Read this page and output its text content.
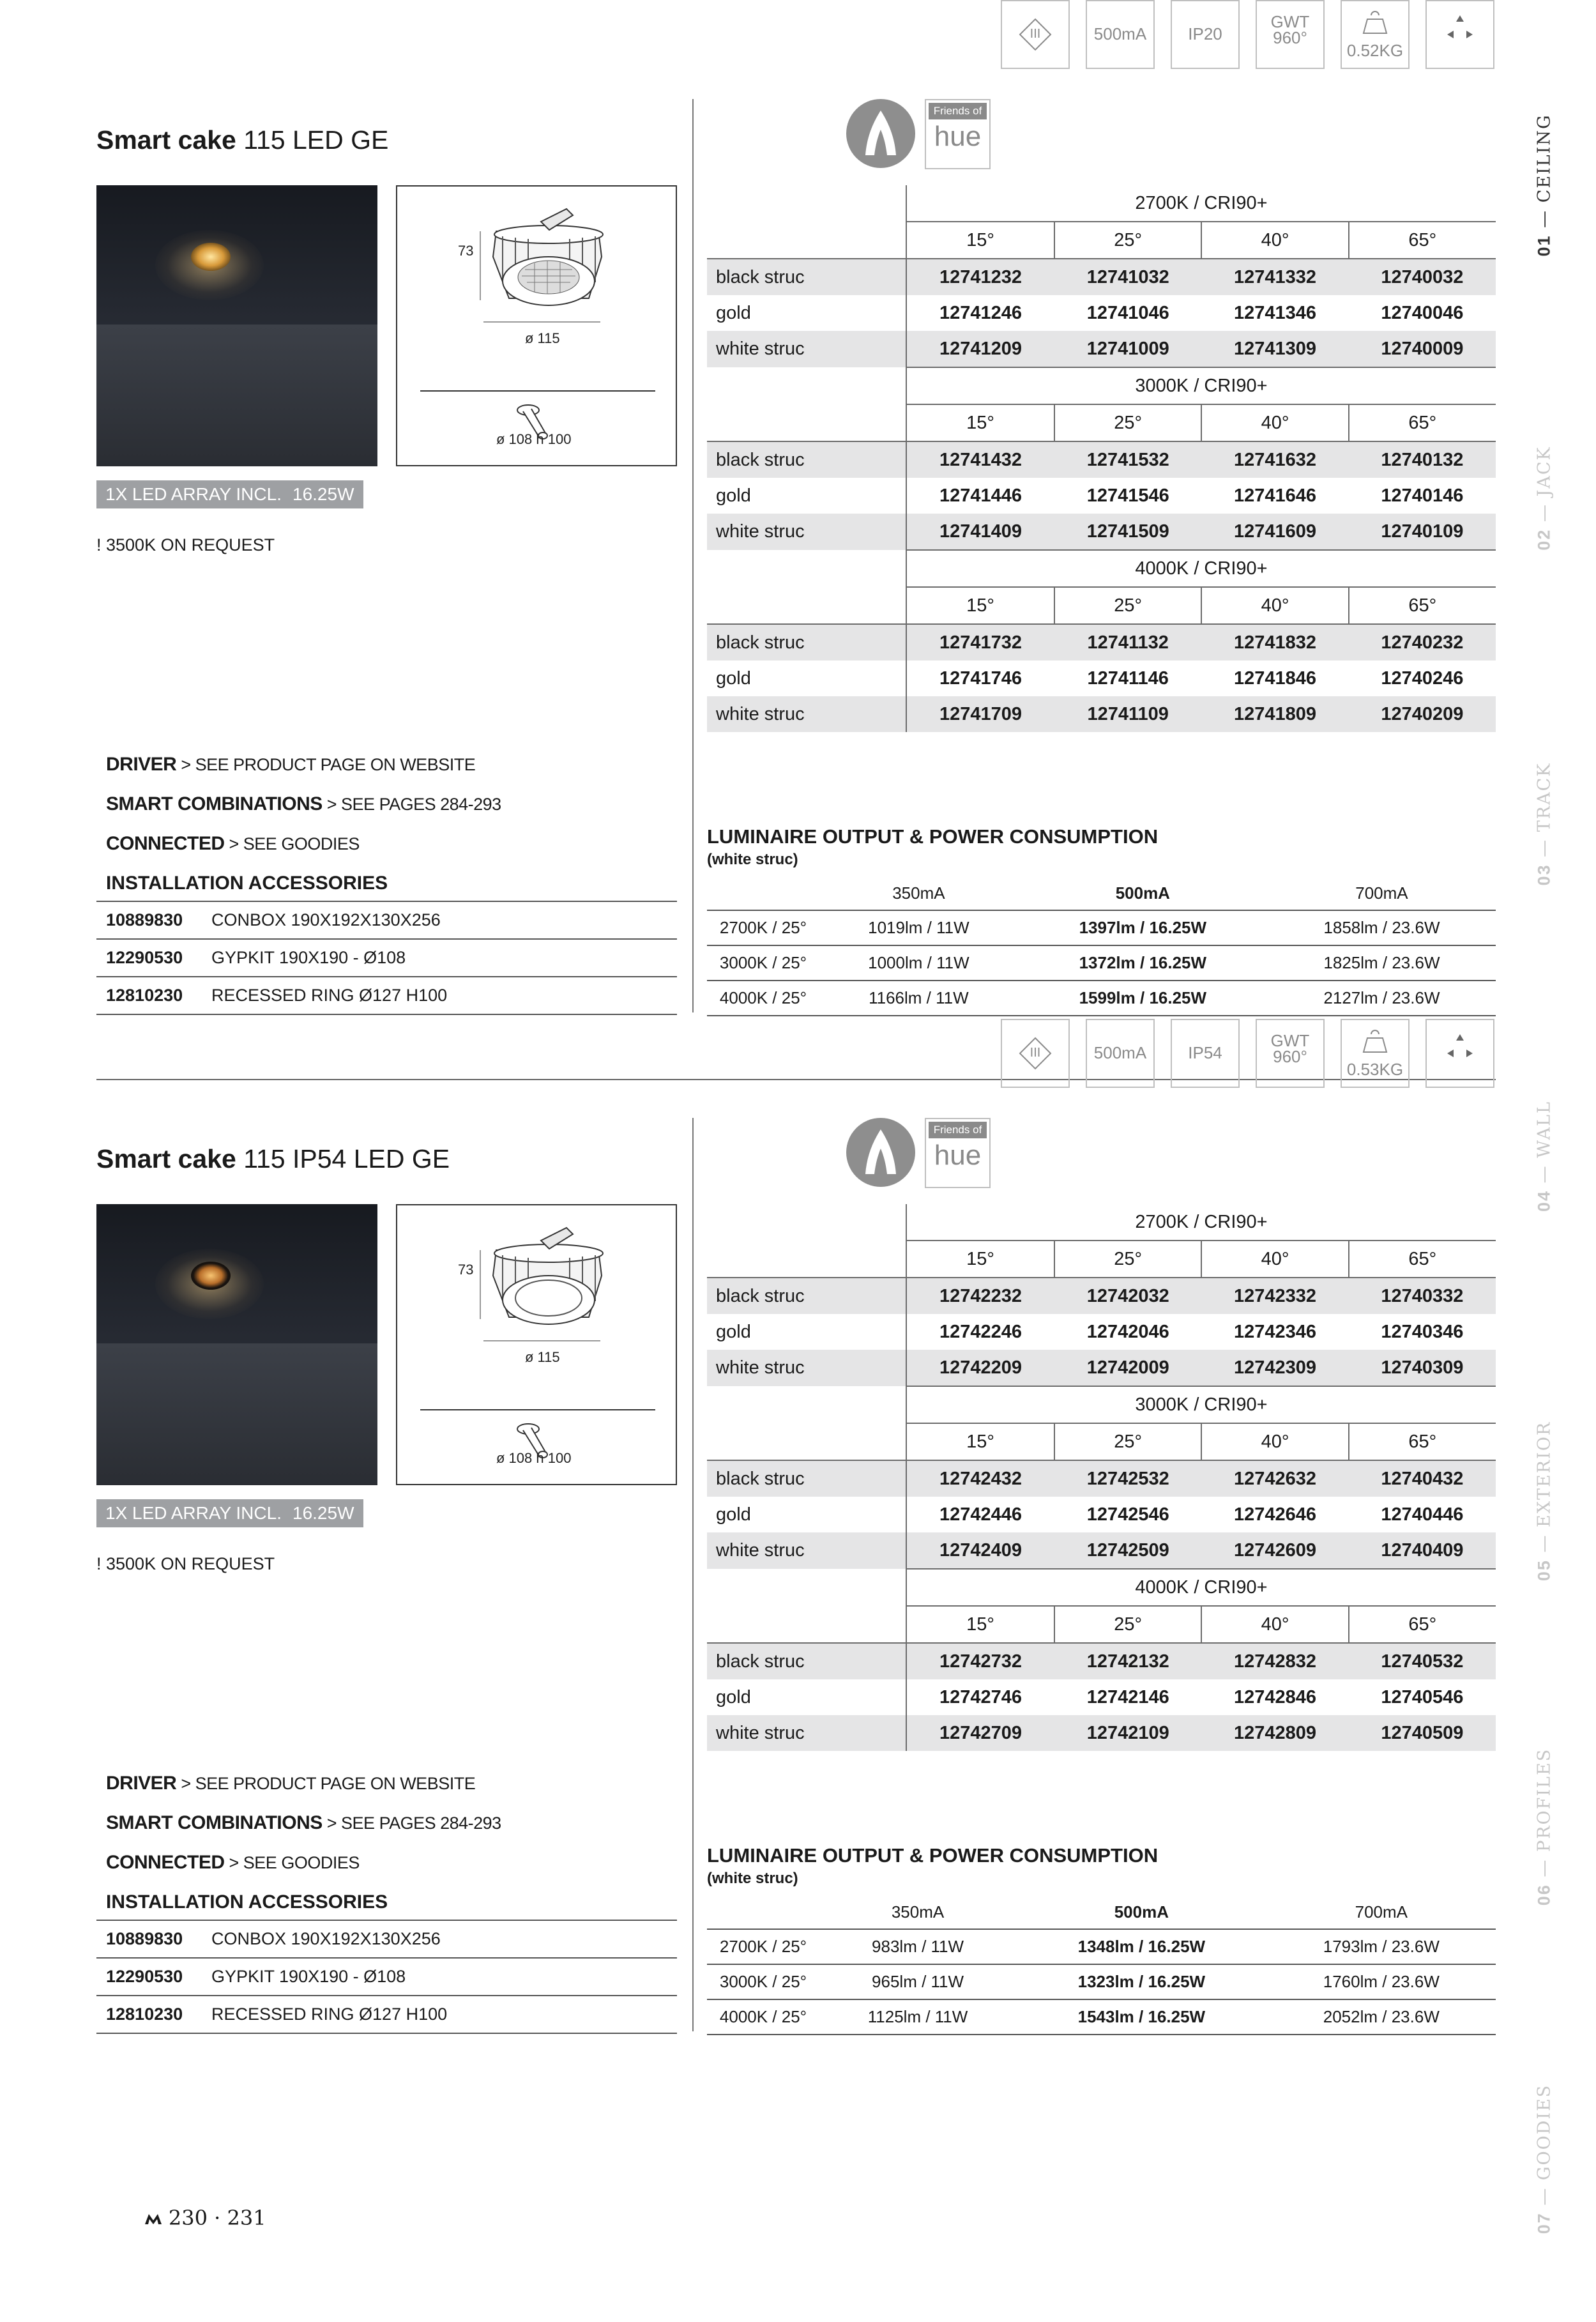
Smart cake 115 LED GE
73
ø 115
ø 108 h 100
1X LED ARRAY INCL. 16.25W
! 3500K ON REQUEST
Friends of
hue
III	500mA	IP20
GWT
960°
0.52KG
	2700K / CRI90+			
	15°	25°	40°	65°
black struc	12741232	12741032	12741332	12740032
gold	12741246	12741046	12741346	12740046
white struc	12741209	12741009	12741309	12740009
	3000K / CRI90+			
	15°	25°	40°	65°
black struc	12741432	12741532	12741632	12740132
gold	12741446	12741546	12741646	12740146
white struc	12741409	12741509	12741609	12740109
	4000K / CRI90+			
	15°	25°	40°	65°
black struc	12741732	12741132	12741832	12740232
gold	12741746	12741146	12741846	12740246
white struc	12741709	12741109	12741809	12740209
DRIVER > SEE PRODUCT PAGE ON WEBSITE
SMART COMBINATIONS > SEE PAGES 284-293
CONNECTED > SEE GOODIES
INSTALLATION ACCESSORIES
10889830	CONBOX 190X192X130X256
12290530	GYPKIT 190X190 - Ø108
12810230	RECESSED RING Ø127 H100
LUMINAIRE OUTPUT & POWER CONSUMPTION
(white struc)
	350mA	500mA	700mA
2700K / 25°	1019lm / 11W	1397lm / 16.25W	1858lm / 23.6W
3000K / 25°	1000lm / 11W	1372lm / 16.25W	1825lm / 23.6W
4000K / 25°	1166lm / 11W	1599lm / 16.25W	2127lm / 23.6W
Smart cake 115 IP54 LED GE
73
ø 115
ø 108 h 100
1X LED ARRAY INCL. 16.25W
! 3500K ON REQUEST
Friends of
hue
III	500mA	IP54
GWT
960°
0.53KG
	2700K / CRI90+			
	15°	25°	40°	65°
black struc	12742232	12742032	12742332	12740332
gold	12742246	12742046	12742346	12740346
white struc	12742209	12742009	12742309	12740309
	3000K / CRI90+			
	15°	25°	40°	65°
black struc	12742432	12742532	12742632	12740432
gold	12742446	12742546	12742646	12740446
white struc	12742409	12742509	12742609	12740409
	4000K / CRI90+			
	15°	25°	40°	65°
black struc	12742732	12742132	12742832	12740532
gold	12742746	12742146	12742846	12740546
white struc	12742709	12742109	12742809	12740509
DRIVER > SEE PRODUCT PAGE ON WEBSITE
SMART COMBINATIONS > SEE PAGES 284-293
CONNECTED > SEE GOODIES
INSTALLATION ACCESSORIES
10889830	CONBOX 190X192X130X256
12290530	GYPKIT 190X190 - Ø108
12810230	RECESSED RING Ø127 H100
LUMINAIRE OUTPUT & POWER CONSUMPTION
(white struc)
	350mA	500mA	700mA
2700K / 25°	983lm / 11W	1348lm / 16.25W	1793lm / 23.6W
3000K / 25°	965lm / 11W	1323lm / 16.25W	1760lm / 23.6W
4000K / 25°	1125lm / 11W	1543lm / 16.25W	2052lm / 23.6W
01 — CEILING
02 — JACK
03 — TRACK
04 — WALL
05 — EXTERIOR
06 — PROFILES
07 — GOODIES
230 · 231
